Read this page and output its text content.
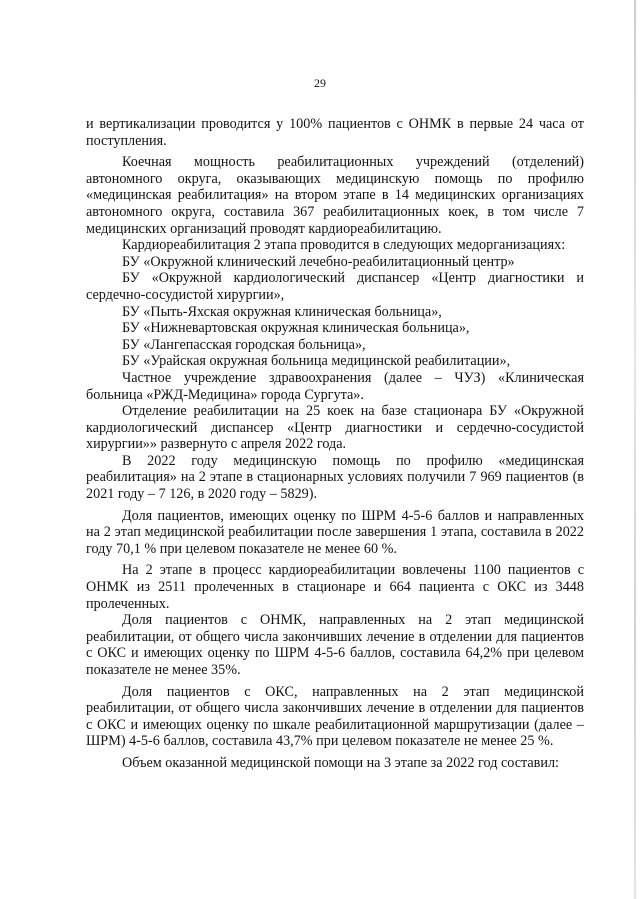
29

и вертикализации проводится у 100% пациентов с ОНМК в первые 24 часа от поступления.

Коечная мощность реабилитационных учреждений (отделений) автономного округа, оказывающих медицинскую помощь по профилю «медицинская реабилитация» на втором этапе в 14 медицинских организациях автономного округа, составила 367 реабилитационных коек, в том числе 7 медицинских организаций проводят кардиореабилитацию.

Кардиореабилитация 2 этапа проводится в следующих медорганизациях:

БУ «Окружной клинический лечебно-реабилитационный центр»

БУ «Окружной кардиологический диспансер «Центр диагностики и сердечно-сосудистой хирургии»,

БУ «Пыть-Яхская окружная клиническая больница»,

БУ «Нижневартовская окружная клиническая больница»,

БУ «Лангепасская городская больница»,

БУ «Урайская окружная больница медицинской реабилитации»,

Частное учреждение здравоохранения (далее – ЧУЗ) «Клиническая больница «РЖД-Медицина» города Сургута».

Отделение реабилитации на 25 коек на базе стационара БУ «Окружной кардиологический диспансер «Центр диагностики и сердечно-сосудистой хирургии»» развернуто с апреля 2022 года.

В 2022 году медицинскую помощь по профилю «медицинская реабилитация» на 2 этапе в стационарных условиях получили 7 969 пациентов (в 2021 году – 7 126, в 2020 году – 5829).

Доля пациентов, имеющих оценку по ШРМ 4-5-6 баллов и направленных на 2 этап медицинской реабилитации после завершения 1 этапа, составила в 2022 году 70,1 % при целевом показателе не менее 60 %.

На 2 этапе в процесс кардиореабилитации вовлечены 1100 пациентов с ОНМК из 2511 пролеченных в стационаре и 664 пациента с ОКС из 3448 пролеченных.

Доля пациентов с ОНМК, направленных на 2 этап медицинской реабилитации, от общего числа закончивших лечение в отделении для пациентов с ОКС и имеющих оценку по ШРМ 4-5-6 баллов, составила 64,2% при целевом показателе не менее 35%.

Доля пациентов с ОКС, направленных на 2 этап медицинской реабилитации, от общего числа закончивших лечение в отделении для пациентов с ОКС и имеющих оценку по шкале реабилитационной маршрутизации (далее – ШРМ) 4-5-6 баллов, составила 43,7% при целевом показателе не менее 25 %.

Объем оказанной медицинской помощи на 3 этапе за 2022 год составил:
